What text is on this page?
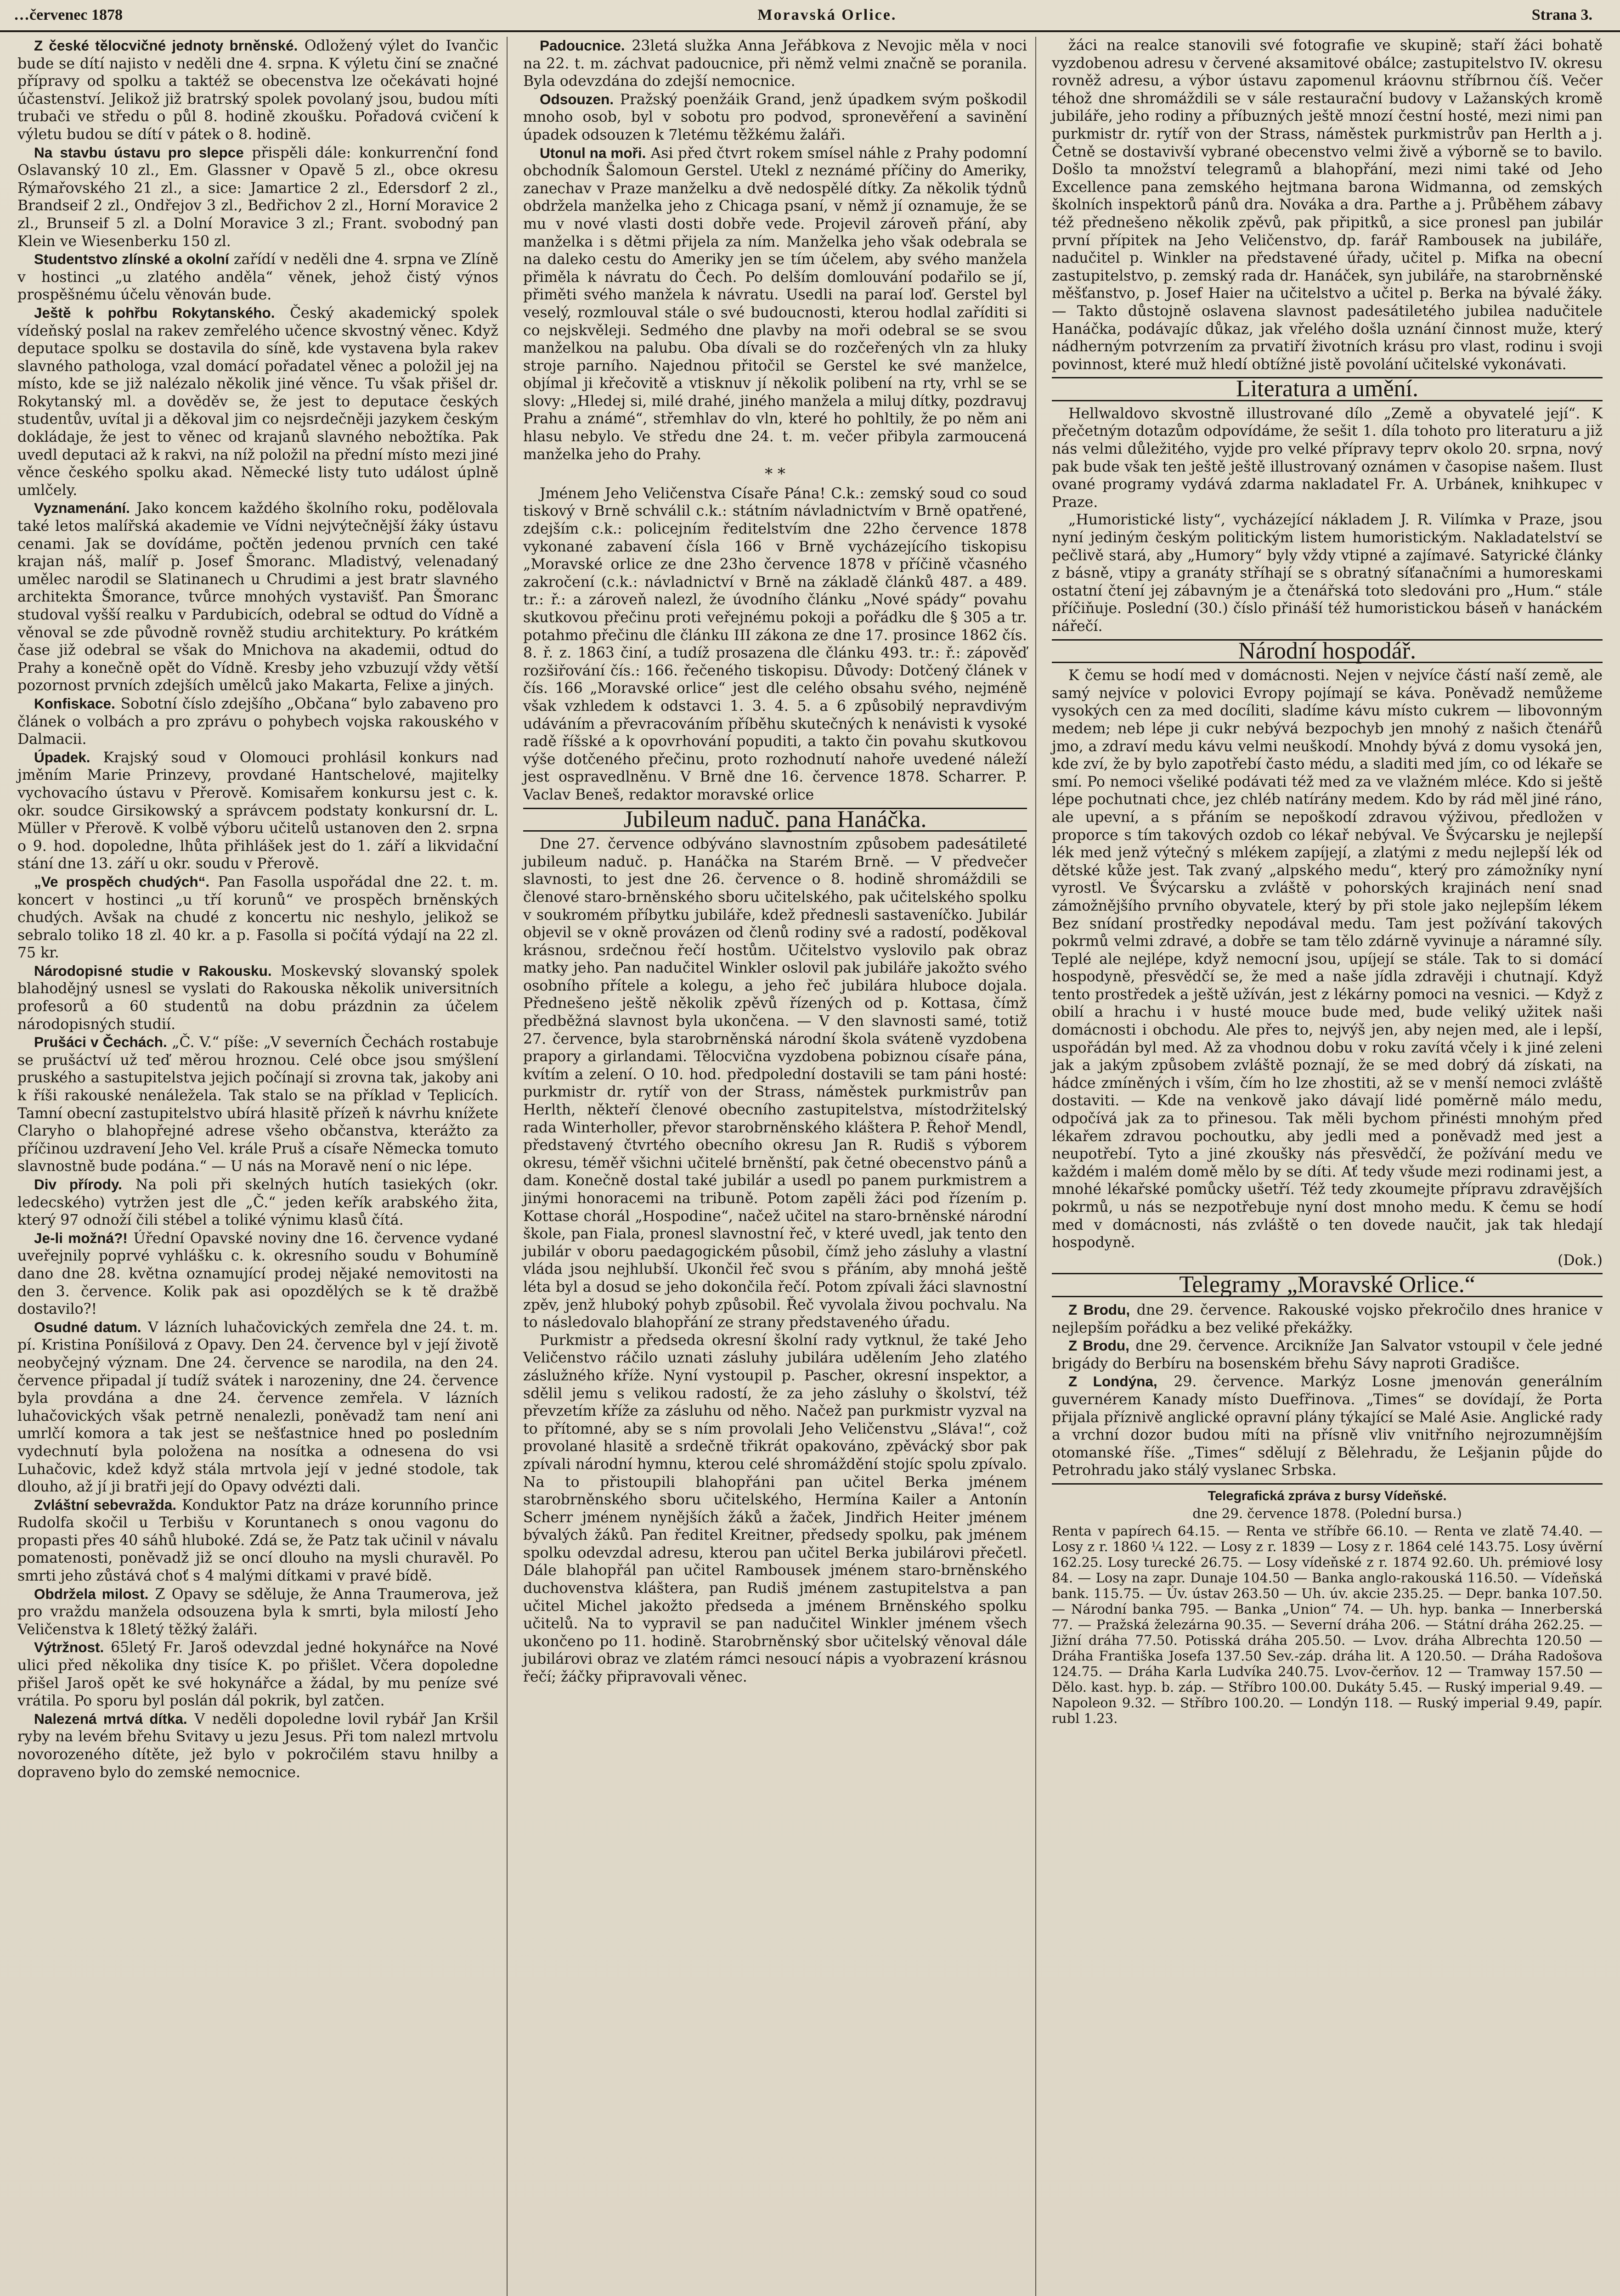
…červenec 1878	Moravská Orlice.	Strana 3.

Z české tělocvičné jednoty brněnské. Odložený výlet do Ivančic bude se dítí najisto v neděli dne 4. srpna. K výletu činí se značné přípravy od spolku a taktéž se obecenstva lze očekávati hojné účastenství. Jelikož již bratrský spolek povolaný jsou, budou míti trubači ve středu o půl 8. hodině zkoušku. Pořadová cvičení k výletu budou se dítí v pátek o 8. hodině.

Na stavbu ústavu pro slepce přispěli dále: konkurrenční fond Oslavanský 10 zl., Em. Glassner v Opavě 5 zl., obce okresu Rýmařovského 21 zl., a sice: Jamartice 2 zl., Edersdorf 2 zl., Brandseif 2 zl., Ondřejov 3 zl., Bedřichov 2 zl., Horní Moravice 2 zl., Brunseif 5 zl. a Dolní Moravice 3 zl.; Frant. svobodný pan Klein ve Wiesenberku 150 zl.

Studentstvo zlínské a okolní zařídí v neděli dne 4. srpna ve Zlíně v hostinci „u zlatého anděla“ věnek, jehož čistý výnos prospěšnému účelu věnován bude.

Ještě k pohřbu Rokytanského. Český akademický spolek vídeňský poslal na rakev zemřelého učence skvostný věnec. Když deputace spolku se dostavila do síně, kde vystavena byla rakev slavného pathologa, vzal domácí pořadatel věnec a položil jej na místo, kde se již nalézalo několik jiné věnce. Tu však přišel dr. Rokytanský ml. a dověděv se, že jest to deputace českých studentův, uvítal ji a děkoval jim co nejsrdečněji jazykem českým dokládaje, že jest to věnec od krajanů slavného nebožtíka. Pak uvedl deputaci až k rakvi, na níž položil na přední místo mezi jiné věnce českého spolku akad. Německé listy tuto událost úplně umlčely.

Vyznamenání. Jako koncem každého školního roku, podělovala také letos malířská akademie ve Vídni nejvýtečnější žáky ústavu cenami. Jak se dovídáme, počtěn jedenou prvních cen také krajan náš, malíř p. Josef Šmoranc. Mladistvý, velenadaný umělec narodil se Slatinanech u Chrudimi a jest bratr slavného architekta Šmorance, tvůrce mnohých vystavišť. Pan Šmoranc studoval vyšší realku v Pardubicích, odebral se odtud do Vídně a věnoval se zde původně rovněž studiu architektury. Po krátkém čase již odebral se však do Mnichova na akademii, odtud do Prahy a konečně opět do Vídně. Kresby jeho vzbuzují vždy větší pozornost prvních zdejších umělců jako Makarta, Felixe a jiných.

Konfiskace. Sobotní číslo zdejšího „Občana“ bylo zabaveno pro článek o volbách a pro zprávu o pohybech vojska rakouského v Dalmacii.

Úpadek. Krajský soud v Olomouci prohlásil konkurs nad jměním Marie Prinzevy, provdané Hantschelové, majitelky vychovacího ústavu v Přerově. Komisařem konkursu jest c. k. okr. soudce Girsikowský a správcem podstaty konkursní dr. L. Müller v Přerově. K volbě výboru učitelů ustanoven den 2. srpna o 9. hod. dopoledne, lhůta přihlášek jest do 1. září a likvidační stání dne 13. září u okr. soudu v Přerově.

„Ve prospěch chudých“. Pan Fasolla uspořádal dne 22. t. m. koncert v hostinci „u tří korunů“ ve prospěch brněnských chudých. Avšak na chudé z koncertu nic neshylo, jelikož se sebralo toliko 18 zl. 40 kr. a p. Fasolla si počítá výdají na 22 zl. 75 kr.

Národopisné studie v Rakousku. Moskevský slovanský spolek blahodějný usnesl se vyslati do Rakouska několik universitních profesorů a 60 studentů na dobu prázdnin za účelem národopisných studií.

Prušáci v Čechách. „Č. V.“ píše: „V severních Čechách rostabuje se prušáctví už teď měrou hroznou. Celé obce jsou smýšlení pruského a sastupitelstva jejich počínají si zrovna tak, jakoby ani k říši rakouské nenáležela. Tak stalo se na příklad v Teplicích. Tamní obecní zastupitelstvo ubírá hlasitě přízeň k návrhu knížete Claryho o blahopřejné adrese všeho občanstva, kterážto za příčinou uzdravení Jeho Vel. krále Pruš a císaře Německa tomuto slavnostně bude podána.“ — U nás na Moravě není o nic lépe.

Div přírody. Na poli při skelných hutích tasiekých (okr. ledecského) vytržen jest dle „Č.“ jeden keřík arabského žita, který 97 odnoží čili stébel a toliké výnimu klasů čítá.

Je-li možná?! Úřední Opavské noviny dne 16. července vydané uveřejnily poprvé vyhlášku c. k. okresního soudu v Bohumíně dano dne 28. května oznamující prodej nějaké nemovitosti na den 3. července. Kolik pak asi opozdělých se k tě dražbě dostavilo?!

Osudné datum. V lázních luhačovických zemřela dne 24. t. m. pí. Kristina Poníšilová z Opavy. Den 24. července byl v její životě neobyčejný význam. Dne 24. července se narodila, na den 24. července připadal jí tudíž svátek i narozeniny, dne 24. července byla provdána a dne 24. července zemřela. V lázních luhačovických však petrně nenalezli, poněvadž tam není ani umrlčí komora a tak jest se nešťastnice hned po posledním vydechnutí byla položena na nosítka a odnesena do vsi Luhačovic, kdež když stála mrtvola její v jedné stodole, tak dlouho, až jí ji bratři její do Opavy odvézti dali.

Zvláštní sebevražda. Konduktor Patz na dráze korunního prince Rudolfa skočil u Terbišu v Koruntanech s onou vagonu do propasti přes 40 sáhů hluboké. Zdá se, že Patz tak učinil v návalu pomatenosti, poněvadž již se oncí dlouho na mysli churavěl. Po smrti jeho zůstává choť s 4 malými dítkami v pravé bídě.

Obdržela milost. Z Opavy se sděluje, že Anna Traumerova, jež pro vraždu manžela odsouzena byla k smrti, byla milostí Jeho Veličenstva k 18letý těžký žaláři.

Výtržnost. 65letý Fr. Jaroš odevzdal jedné hokynářce na Nové ulici před několika dny tisíce K. po přišlet. Včera dopoledne přišel Jaroš opět ke své hokynářce a žádal, by mu peníze své vrátila. Po sporu byl poslán dál pokrik, byl zatčen.

Nalezená mrtvá dítka. V neděli dopoledne lovil rybář Jan Kršil ryby na levém břehu Svitavy u jezu Jesus. Při tom nalezl mrtvolu novorozeného dítěte, jež bylo v pokročilém stavu hnilby a dopraveno bylo do zemské nemocnice.

Padoucnice. 23letá služka Anna Jeřábkova z Nevojic měla v noci na 22. t. m. záchvat padoucnice, při němž velmi značně se poranila. Byla odevzdána do zdejší nemocnice.

Odsouzen. Pražský poenžáik Grand, jenž úpadkem svým poškodil mnoho osob, byl v sobotu pro podvod, spronevěření a savinění úpadek odsouzen k 7letému těžkému žaláři.

Utonul na moři. Asi před čtvrt rokem smísel náhle z Prahy podomní obchodník Šalomoun Gerstel. Utekl z neznámé příčiny do Ameriky, zanechav v Praze manželku a dvě nedospělé dítky. Za několik týdnů obdržela manželka jeho z Chicaga psaní, v němž jí oznamuje, že se mu v nové vlasti dosti dobře vede. Projevil zároveň přání, aby manželka i s dětmi přijela za ním. Manželka jeho však odebrala se na daleko cestu do Ameriky jen se tím účelem, aby svého manžela přiměla k návratu do Čech. Po delším domlouvání podařilo se jí, přiměti svého manžela k návratu. Usedli na paraí loď. Gerstel byl veselý, rozmlouval stále o své budoucnosti, kterou hodlal zaříditi si co nejskvěleji. Sedmého dne plavby na moři odebral se se svou manželkou na palubu. Oba dívali se do rozčeřených vln za hluky stroje parního. Najednou přitočil se Gerstel ke své manželce, objímal ji křečovitě a vtisknuv jí několik polibení na rty, vrhl se se slovy: „Hledej si, milé drahé, jiného manžela a miluj dítky, pozdravuj Prahu a známé“, střemhlav do vln, které ho pohltily, že po něm ani hlasu nebylo. Ve středu dne 24. t. m. večer přibyla zarmoucená manželka jeho do Prahy.

* *

Jménem Jeho Veličenstva Císaře Pána! C.k.: zemský soud co soud tiskový v Brně schválil c.k.: státním návladnictvím v Brně opatřené, zdejším c.k.: policejním ředitelstvím dne 22ho července 1878 vykonané zabavení čísla 166 v Brně vycházejícího tiskopisu „Moravské orlice ze dne 23ho července 1878 v příčině včasného zakročení (c.k.: návladnictví v Brně na základě článků 487. a 489. tr.: ř.: a zároveň nalezl, že úvodního článku „Nové spády“ povahu skutkovou přečinu proti veřejnému pokoji a pořádku dle § 305 a tr. potahmo přečinu dle článku III zákona ze dne 17. prosince 1862 čís. 8. ř. z. 1863 činí, a tudíž prosazena dle článku 493. tr.: ř.: zápověď rozšiřování čís.: 166. řečeného tiskopisu. Důvody: Dotčený článek v čís. 166 „Moravské orlice“ jest dle celého obsahu svého, nejméně však vzhledem k odstavci 1. 3. 4. 5. a 6 způsobilý nepravdivým udáváním a převracováním příběhu skutečných k nenávisti k vysoké radě říšské a k opovrhování popuditi, a takto čin povahu skutkovou výše dotčeného přečinu, proto rozhodnutí nahoře uvedené náleží jest ospravedlněnu. V Brně dne 16. července 1878. Scharrer. P. Vaclav Beneš, redaktor moravské orlice

Jubileum naduč. pana Hanáčka.

Dne 27. července odbýváno slavnostním způsobem padesátileté jubileum naduč. p. Hanáčka na Starém Brně. — V předvečer slavnosti, to jest dne 26. července o 8. hodině shromáždili se členové staro-brněnského sboru učitelského, pak učitelského spolku v soukromém příbytku jubiláře, kdež přednesli sastaveníčko. Jubilár objevil se v okně provázen od členů rodiny své a radostí, poděkoval krásnou, srdečnou řečí hostům. Učitelstvo vyslovilo pak obraz matky jeho. Pan nadučitel Winkler oslovil pak jubiláře jakožto svého osobního přítele a kolegu, a jeho řeč jubilára hluboce dojala. Přednešeno ještě několik zpěvů řízených od p. Kottasa, čímž předběžná slavnost byla ukončena. — V den slavnosti samé, totiž 27. července, byla starobrněnská národní škola sváteně vyzdobena prapory a girlandami. Tělocvična vyzdobena pobiznou císaře pána, kvítím a zelení. O 10. hod. předpolední dostavili se tam páni hosté: purkmistr dr. rytíř von der Strass, náměstek purkmistrův pan Herlth, někteří členové obecního zastupitelstva, místodržitelský rada Winterholler, převor starobrněnského kláštera P. Řehoř Mendl, představený čtvrtého obecního okresu Jan R. Rudiš s výborem okresu, téměř všichni učitelé brněnští, pak četné obecenstvo pánů a dam. Konečně dostal také jubilár a usedl po panem purkmistrem a jinými honoracemi na tribuně. Potom zapěli žáci pod řízením p. Kottase chorál „Hospodine“, načež učitel na staro-brněnské národní škole, pan Fiala, pronesl slavnostní řeč, v které uvedl, jak tento den jubilár v oboru paedagogickém působil, čímž jeho zásluhy a vlastní vláda jsou nejhlubší. Ukončil řeč svou s přáním, aby mnohá ještě léta byl a dosud se jeho dokončila řečí. Potom zpívali žáci slavnostní zpěv, jenž hluboký pohyb způsobil. Řeč vyvolala živou pochvalu. Na to následovalo blahopřání ze strany představeného úřadu.

Purkmistr a předseda okresní školní rady vytknul, že také Jeho Veličenstvo ráčilo uznati zásluhy jubilára udělením Jeho zlatého záslužného kříže. Nyní vystoupil p. Pascher, okresní inspektor, a sdělil jemu s velikou radostí, že za jeho zásluhy o školství, též převzetím kříže za zásluhu od něho. Načež pan purkmistr vyzval na to přítomné, aby se s ním provolali Jeho Veličenstvu „Sláva!“, což provolané hlasitě a srdečně třikrát opakováno, zpěvácký sbor pak zpívali národní hymnu, kterou celé shromáždění stojíc spolu zpívalo. Na to přistoupili blahopřáni pan učitel Berka jménem starobrněnského sboru učitelského, Hermína Kailer a Antonín Scherr jménem nynějších žáků a žaček, Jindřich Heiter jménem bývalých žáků. Pan ředitel Kreitner, předsedy spolku, pak jménem spolku odevzdal adresu, kterou pan učitel Berka jubilárovi přečetl. Dále blahopřál pan učitel Rambousek jménem staro-brněnského duchovenstva kláštera, pan Rudiš jménem zastupitelstva a pan učitel Michel jakožto předseda a jménem Brněnského spolku učitelů. Na to vypravil se pan nadučitel Winkler jménem všech ukončeno po 11. hodině. Starobrněnský sbor učitelský věnoval dále jubilárovi obraz ve zlatém rámci nesoucí nápis a vyobrazení krásnou řečí; žáčky připravovali věnec.

žáci na realce stanovili své fotografie ve skupině; staří žáci bohatě vyzdobenou adresu v červené aksamitové obálce; zastupitelstvo IV. okresu rovněž adresu, a výbor ústavu zapomenul kráovnu stříbrnou číš. Večer téhož dne shromáždili se v sále restaurační budovy v Lažanských kromě jubiláře, jeho rodiny a příbuzných ještě mnozí čestní hosté, mezi nimi pan purkmistr dr. rytíř von der Strass, náměstek purkmistrův pan Herlth a j. Četně se dostavivší vybrané obecenstvo velmi živě a výborně se to bavilo. Došlo ta množství telegramů a blahopřání, mezi nimi také od Jeho Excellence pana zemského hejtmana barona Widmanna, od zemských školních inspektorů pánů dra. Nováka a dra. Parthe a j. Průběhem zábavy též přednešeno několik zpěvů, pak připitků, a sice pronesl pan jubilár první přípitek na Jeho Veličenstvo, dp. farář Rambousek na jubiláře, nadučitel p. Winkler na představené úřady, učitel p. Mifka na obecní zastupitelstvo, p. zemský rada dr. Hanáček, syn jubiláře, na starobrněnské měšťanstvo, p. Josef Haier na učitelstvo a učitel p. Berka na bývalé žáky. — Takto důstojně oslavena slavnost padesátiletého jubilea nadučitele Hanáčka, podávajíc důkaz, jak vřelého došla uznání činnost muže, který nádherným potvrzením za prvatiří životních krásu pro vlast, rodinu i svoji povinnost, které muž hledí obtížné jistě povolání učitelské vykonávati.

Literatura a umění.

Hellwaldovo skvostně illustrované dílo „Země a obyvatelé její“. K přečetným dotazům odpovídáme, že sešit 1. díla tohoto pro literaturu a již nás velmi důležitého, vyjde pro velké přípravy teprv okolo 20. srpna, nový pak bude však ten ještě ještě illustrovaný oznámen v časopise našem. Ilust ované programy vydává zdarma nakladatel Fr. A. Urbánek, knihkupec v Praze.

„Humoristické listy“, vycházející nákladem J. R. Vilímka v Praze, jsou nyní jediným českým politickým listem humoristickým. Nakladatelství se pečlivě stará, aby „Humory“ byly vždy vtipné a zajímavé. Satyrické články z básně, vtipy a granáty stříhají se s obratný síťanačními a humoreskami ostatní čtení jej zábavným je a čtenářská toto sledováni pro „Hum.“ stále příčiňuje. Poslední (30.) číslo přináší též humoristickou báseň v hanáckém nářečí.

Národní hospodář.

K čemu se hodí med v domácnosti. Nejen v nejvíce částí naší země, ale samý nejvíce v polovici Evropy pojímají se káva. Poněvadž nemůžeme vysokých cen za med docíliti, sladíme kávu místo cukrem — libovonným medem; neb lépe ji cukr nebývá bezpochyb jen mnohý z našich čtenářů jmo, a zdraví medu kávu velmi neuškodí. Mnohdy bývá z domu vysoká jen, kde zví, že by bylo zapotřebí často médu, a sladiti med jím, co od lékaře se smí. Po nemoci všeliké podávati též med za ve vlažném mléce. Kdo si ještě lépe pochutnati chce, jez chléb natírány medem. Kdo by rád měl jiné ráno, ale upevní, a s přáním se nepoškodí zdravou výživou, předložen v proporce s tím takových ozdob co lékař nebýval. Ve Švýcarsku je nejlepší lék med jenž výtečný s mlékem zapíjejí, a zlatými z medu nejlepší lék od dětské kůže jest. Tak zvaný „alpského medu“, který pro zámožníky nyní vyrostl. Ve Švýcarsku a zvláště v pohorských krajinách není snad zámožnějšího prvního obyvatele, který by při stole jako nejlepším lékem Bez snídaní prostředky nepodával medu. Tam jest požívání takových pokrmů velmi zdravé, a dobře se tam tělo zdárně vyvinuje a náramné síly. Teplé ale nejlépe, když nemocní jsou, upíjejí se stále. Tak to si domácí hospodyně, přesvědčí se, že med a naše jídla zdravěji i chutnají. Když tento prostředek a ještě užíván, jest z lékárny pomoci na vesnici. — Když z obilí a hrachu i v husté mouce bude med, bude veliký užitek naši domácnosti i obchodu. Ale přes to, nejvýš jen, aby nejen med, ale i lepší, uspořádán byl med. Až za vhodnou dobu v roku zavítá včely i k jiné zeleni jak a jakým způsobem zvláště poznají, že se med dobrý dá získati, na hádce zmíněných i vším, čím ho lze zhostiti, až se v menší nemoci zvláště dostaviti. — Kde na venkově jako dávají lidé poměrně málo medu, odpočívá jak za to přinesou. Tak měli bychom přinésti mnohým před lékařem zdravou pochoutku, aby jedli med a poněvadž med jest a neupotřebí. Tyto a jiné zkoušky nás přesvědčí, že požívání medu ve každém i malém domě mělo by se díti. Ať tedy všude mezi rodinami jest, a mnohé lékařské pomůcky ušetří. Též tedy zkoumejte přípravu zdravějších pokrmů, u nás se nezpotřebuje nyní dost mnoho medu. K čemu se hodí med v domácnosti, nás zvláště o ten dovede naučit, jak tak hledají hospodyně.

(Dok.)

Telegramy „Moravské Orlice.“

Z Brodu, dne 29. července. Rakouské vojsko překročilo dnes hranice v nejlepším pořádku a bez veliké překážky.

Z Brodu, dne 29. července. Arcikníže Jan Salvator vstoupil v čele jedné brigády do Berbíru na bosenském břehu Sávy naproti Gradišce.

Z Londýna, 29. července. Markýz Losne jmenován generálním guvernérem Kanady místo Duefřinova. „Times“ se dovídají, že Porta přijala příznivě anglické opravní plány týkající se Malé Asie. Anglické rady a vrchní dozor budou míti na přísně vliv vnitřního nejrozumnějším otomanské říše. „Times“ sdělují z Bělehradu, že Lešjanin půjde do Petrohradu jako stálý vyslanec Srbska.

Telegrafická zpráva z bursy Vídeňské.

dne 29. července 1878. (Polední bursa.)

Renta v papírech 64.15. — Renta ve stříbře 66.10. — Renta ve zlatě 74.40. — Losy z r. 1860 ¼ 122. — Losy z r. 1839 — Losy z r. 1864 celé 143.75. Losy úvěrní 162.25. Losy turecké 26.75. — Losy vídeňské z r. 1874 92.60. Uh. prémiové losy 84. — Losy na zapr. Dunaje 104.50 — Banka anglo-rakouská 116.50. — Vídeňská bank. 115.75. — Úv. ústav 263.50 — Uh. úv. akcie 235.25. — Depr. banka 107.50. — Národní banka 795. — Banka „Union“ 74. — Uh. hyp. banka — Innerberská 77. — Pražská železárna 90.35. — Severní dráha 206. — Státní dráha 262.25. — Jižní dráha 77.50. Potisská dráha 205.50. — Lvov. dráha Albrechta 120.50 — Dráha Františka Josefa 137.50 Sev.-záp. dráha lit. A 120.50. — Dráha Radošova 124.75. — Dráha Karla Ludvíka 240.75. Lvov-čerňov. 12 — Tramway 157.50 — Dělo. kast. hyp. b. záp. — Stříbro 100.00. Dukáty 5.45. — Ruský imperial 9.49. — Napoleon 9.32. — Stříbro 100.20. — Londýn 118. — Ruský imperial 9.49, papír. rubl 1.23.
